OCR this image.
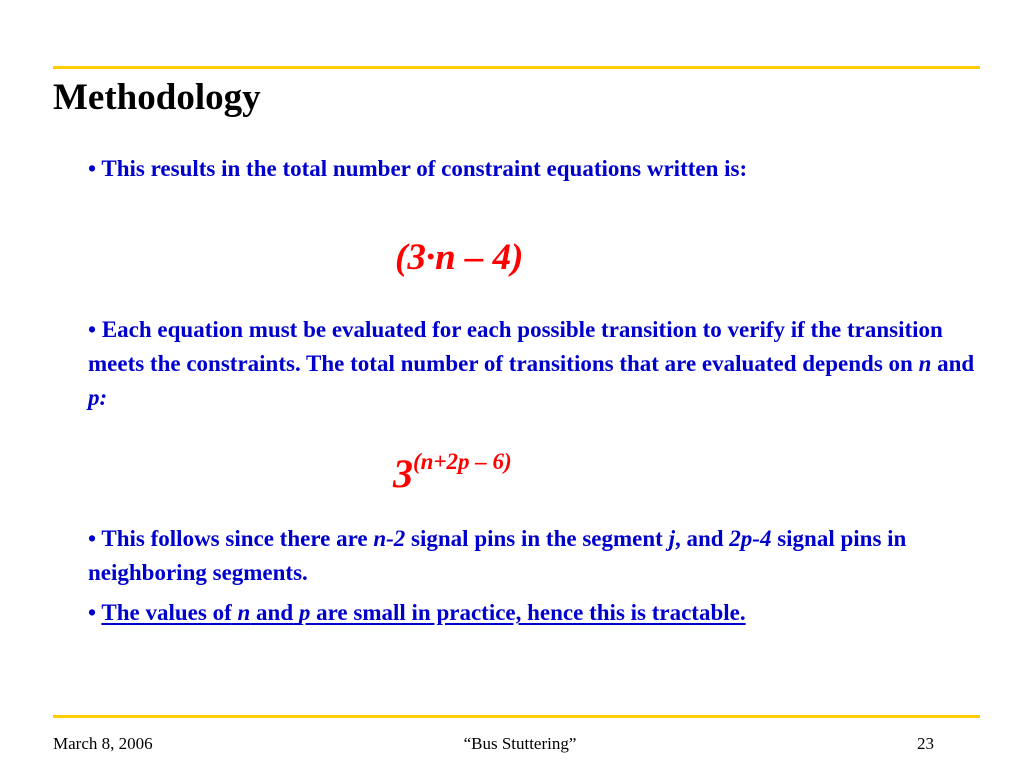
Methodology
• This results in the total number of constraint equations written is:
(3·n – 4)
• Each equation must be evaluated for each possible transition to verify if the transition meets the constraints. The total number of transitions that are evaluated depends on n and p:
3(n+2p – 6)
• This follows since there are n-2 signal pins in the segment j, and 2p-4 signal pins in neighboring segments.
• The values of n and p are small in practice, hence this is tractable.
March 8, 2006	“Bus Stuttering”	23
